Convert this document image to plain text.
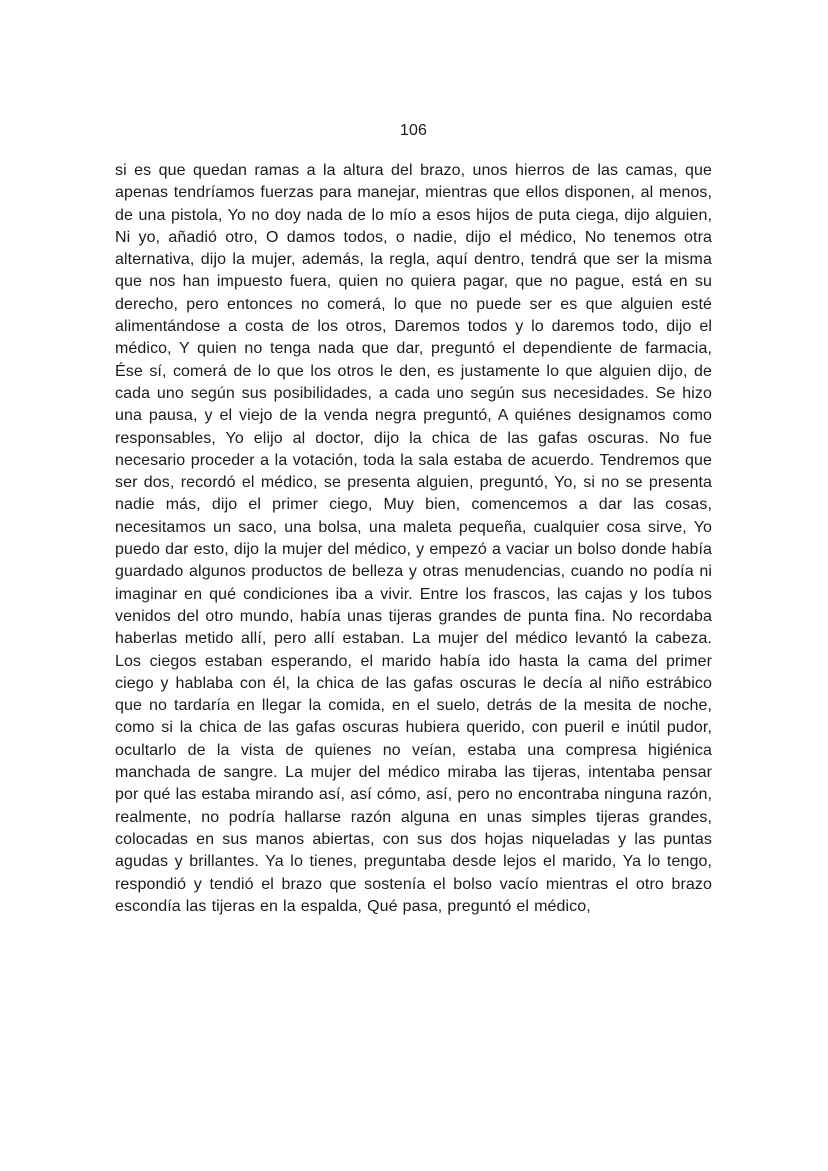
106

si es que quedan ramas a la altura del brazo, unos hierros de las camas, que apenas tendríamos fuerzas para manejar, mientras que ellos disponen, al menos, de una pistola, Yo no doy nada de lo mío a esos hijos de puta ciega, dijo alguien, Ni yo, añadió otro, O damos todos, o nadie, dijo el médico, No tenemos otra alternativa, dijo la mujer, además, la regla, aquí dentro, tendrá que ser la misma que nos han impuesto fuera, quien no quiera pagar, que no pague, está en su derecho, pero entonces no comerá, lo que no puede ser es que alguien esté alimentándose a costa de los otros, Daremos todos y lo daremos todo, dijo el médico, Y quien no tenga nada que dar, preguntó el dependiente de farmacia, Ése sí, comerá de lo que los otros le den, es justamente lo que alguien dijo, de cada uno según sus posibilidades, a cada uno según sus necesidades. Se hizo una pausa, y el viejo de la venda negra preguntó, A quiénes designamos como responsables, Yo elijo al doctor, dijo la chica de las gafas oscuras. No fue necesario proceder a la votación, toda la sala estaba de acuerdo. Tendremos que ser dos, recordó el médico, se presenta alguien, preguntó, Yo, si no se presenta nadie más, dijo el primer ciego, Muy bien, comencemos a dar las cosas, necesitamos un saco, una bolsa, una maleta pequeña, cualquier cosa sirve, Yo puedo dar esto, dijo la mujer del médico, y empezó a vaciar un bolso donde había guardado algunos productos de belleza y otras menudencias, cuando no podía ni imaginar en qué condiciones iba a vivir. Entre los frascos, las cajas y los tubos venidos del otro mundo, había unas tijeras grandes de punta fina. No recordaba haberlas metido allí, pero allí estaban. La mujer del médico levantó la cabeza. Los ciegos estaban esperando, el marido había ido hasta la cama del primer ciego y hablaba con él, la chica de las gafas oscuras le decía al niño estrábico que no tardaría en llegar la comida, en el suelo, detrás de la mesita de noche, como si la chica de las gafas oscuras hubiera querido, con pueril e inútil pudor, ocultarlo de la vista de quienes no veían, estaba una compresa higiénica manchada de sangre. La mujer del médico miraba las tijeras, intentaba pensar por qué las estaba mirando así, así cómo, así, pero no encontraba ninguna razón, realmente, no podría hallarse razón alguna en unas simples tijeras grandes, colocadas en sus manos abiertas, con sus dos hojas niqueladas y las puntas agudas y brillantes. Ya lo tienes, preguntaba desde lejos el marido, Ya lo tengo, respondió y tendió el brazo que sostenía el bolso vacío mientras el otro brazo escondía las tijeras en la espalda, Qué pasa, preguntó el médico,
